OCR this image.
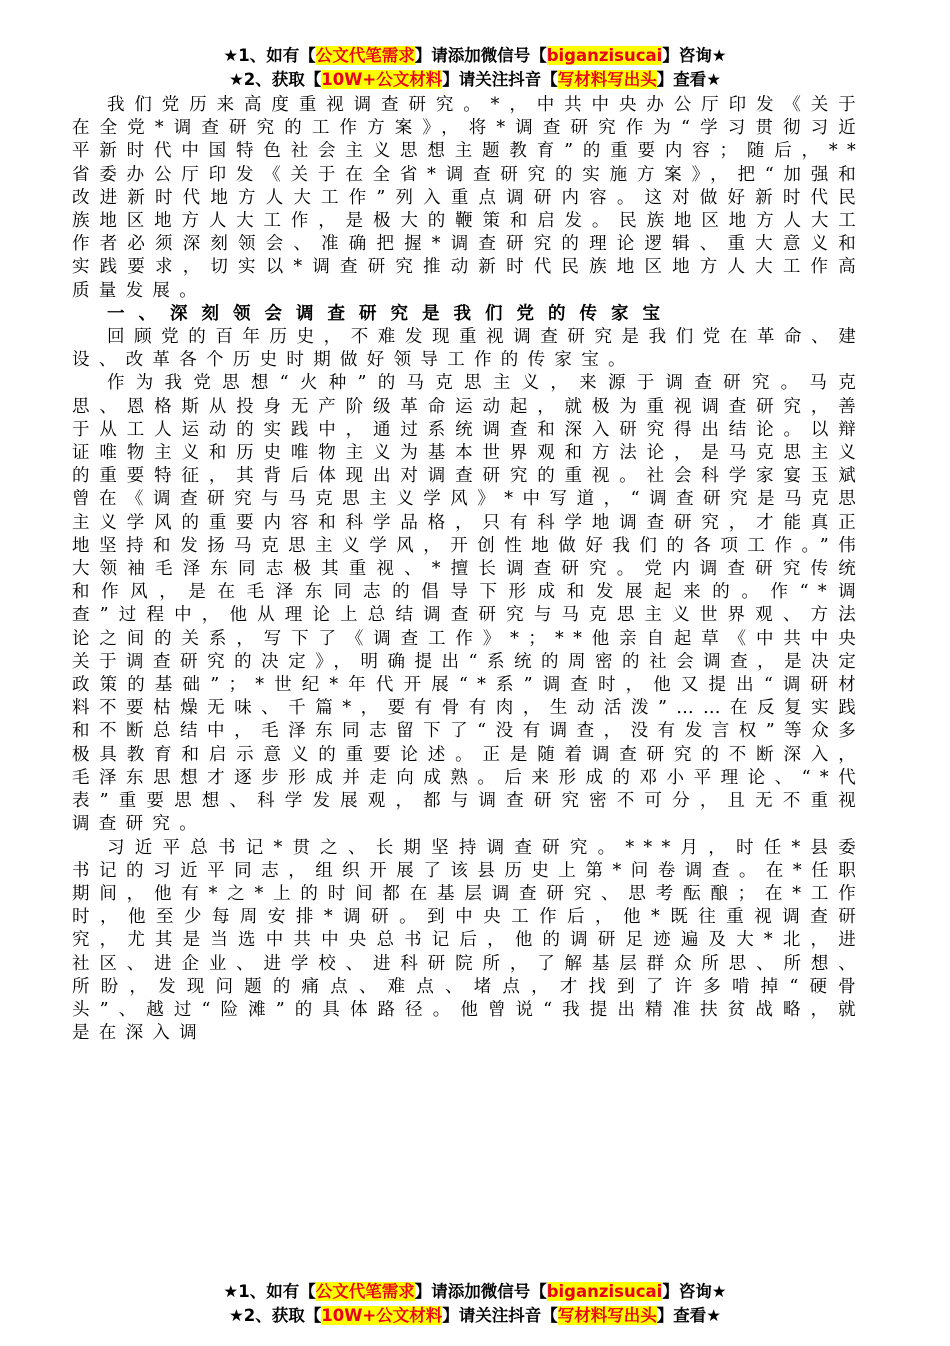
★1、如有【公文代笔需求】请添加微信号【biganzisucai】咨询★
★2、获取【10W+公文材料】请关注抖音【写材料写出头】查看★

我们党历来高度重视调查研究。*，中共中央办公厅印发《关于在全党*调查研究的工作方案》，将*调查研究作为“学习贯彻习近平新时代中国特色社会主义思想主题教育”的重要内容；随后，**省委办公厅印发《关于在全省*调查研究的实施方案》，把“加强和改进新时代地方人大工作”列入重点调研内容。这对做好新时代民族地区地方人大工作，是极大的鞭策和启发。民族地区地方人大工作者必须深刻领会、准确把握*调查研究的理论逻辑、重大意义和实践要求，切实以*调查研究推动新时代民族地区地方人大工作高质量发展。

一、深刻领会调查研究是我们党的传家宝

回顾党的百年历史，不难发现重视调查研究是我们党在革命、建设、改革各个历史时期做好领导工作的传家宝。

作为我党思想“火种”的马克思主义，来源于调查研究。马克思、恩格斯从投身无产阶级革命运动起，就极为重视调查研究，善于从工人运动的实践中，通过系统调查和深入研究得出结论。以辩证唯物主义和历史唯物主义为基本世界观和方法论，是马克思主义的重要特征，其背后体现出对调查研究的重视。社会科学家宴玉斌曾在《调查研究与马克思主义学风》*中写道，“调查研究是马克思主义学风的重要内容和科学品格，只有科学地调查研究，才能真正地坚持和发扬马克思主义学风，开创性地做好我们的各项工作。”伟大领袖毛泽东同志极其重视、*擅长调查研究。党内调查研究传统和作风，是在毛泽东同志的倡导下形成和发展起来的。作“*调查”过程中，他从理论上总结调查研究与马克思主义世界观、方法论之间的关系，写下了《调查工作》*；**他亲自起草《中共中央关于调查研究的决定》，明确提出“系统的周密的社会调查，是决定政策的基础”；*世纪*年代开展“*系”调查时，他又提出“调研材料不要枯燥无味、千篇*，要有骨有肉，生动活泼”……在反复实践和不断总结中，毛泽东同志留下了“没有调查，没有发言权”等众多极具教育和启示意义的重要论述。正是随着调查研究的不断深入，毛泽东思想才逐步形成并走向成熟。后来形成的邓小平理论、“*代表”重要思想、科学发展观，都与调查研究密不可分，且无不重视调查研究。

习近平总书记*贯之、长期坚持调查研究。***月，时任*县委书记的习近平同志，组织开展了该县历史上第*问卷调查。在*任职期间，他有*之*上的时间都在基层调查研究、思考酝酿；在*工作时，他至少每周安排*调研。到中央工作后，他*既往重视调查研究，尤其是当选中共中央总书记后，他的调研足迹遍及大*北，进社区、进企业、进学校、进科研院所，了解基层群众所思、所想、所盼，发现问题的痛点、难点、堵点，才找到了许多啃掉“硬骨头”、越过“险滩”的具体路径。他曾说“我提出精准扶贫战略，就是在深入调

★1、如有【公文代笔需求】请添加微信号【biganzisucai】咨询★
★2、获取【10W+公文材料】请关注抖音【写材料写出头】查看★
